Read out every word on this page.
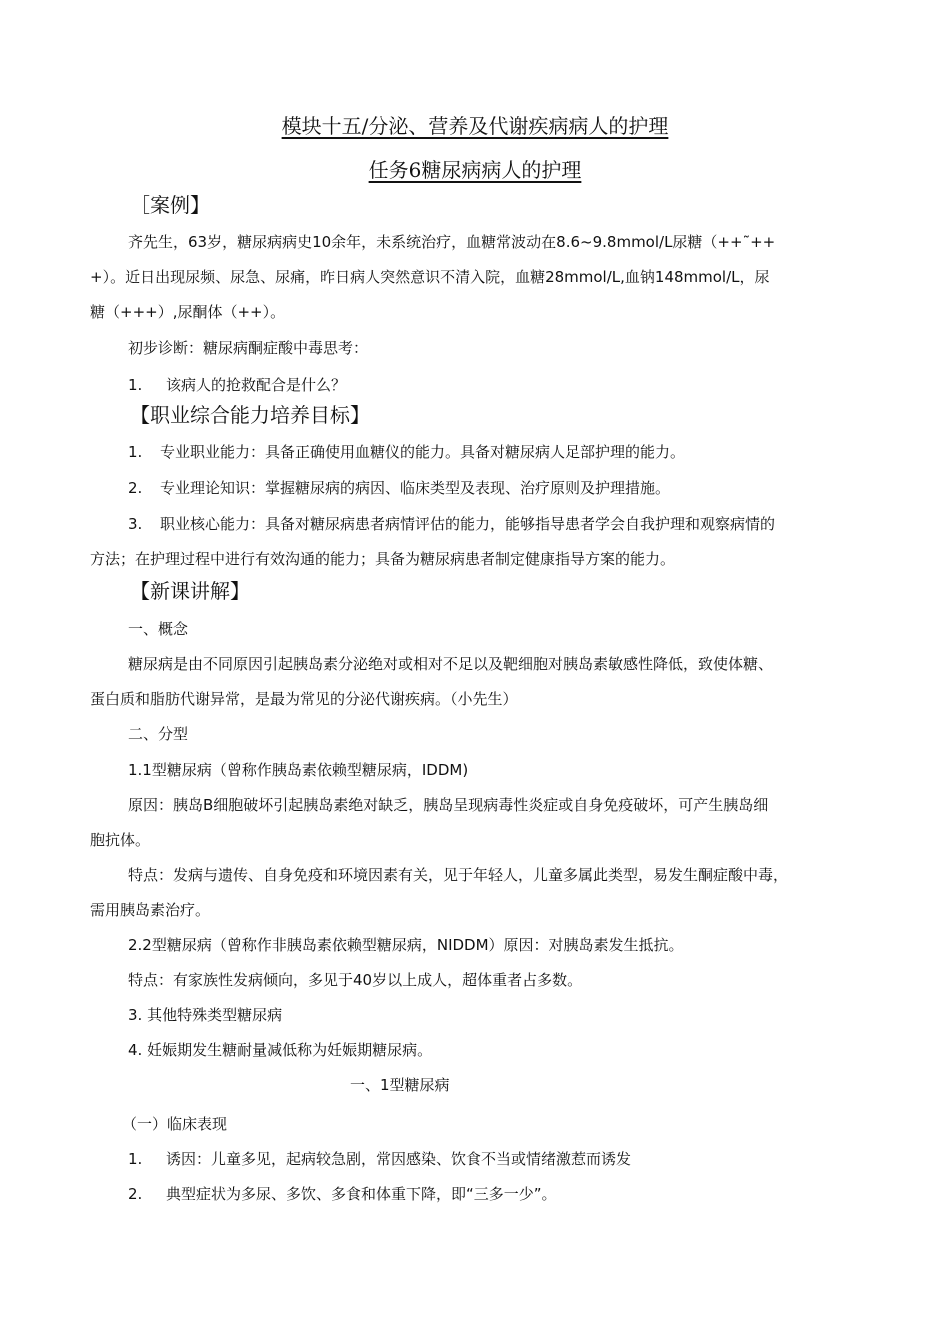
模块十五/分泌、营养及代谢疾病病人的护理
任务6糖尿病病人的护理
［案例】
齐先生，63岁，糖尿病病史10余年，未系统治疗，血糖常波动在8.6~9.8mmol/L尿糖（++˜++
+）。近日出现尿频、尿急、尿痛，昨日病人突然意识不清入院，血糖28mmol/L,血钠148mmol/L，尿
糖（+++）,尿酮体（++）。
初步诊断：糖尿病酮症酸中毒思考：
1. 该病人的抢救配合是什么？
【职业综合能力培养目标】
1. 专业职业能力：具备正确使用血糖仪的能力。具备对糖尿病人足部护理的能力。
2. 专业理论知识：掌握糖尿病的病因、临床类型及表现、治疗原则及护理措施。
3. 职业核心能力：具备对糖尿病患者病情评估的能力，能够指导患者学会自我护理和观察病情的
方法；在护理过程中进行有效沟通的能力；具备为糖尿病患者制定健康指导方案的能力。
【新课讲解】
一、概念
糖尿病是由不同原因引起胰岛素分泌绝对或相对不足以及靶细胞对胰岛素敏感性降低，致使体糖、
蛋白质和脂肪代谢异常，是最为常见的分泌代谢疾病。（小先生）
二、分型
1.1型糖尿病（曾称作胰岛素依赖型糖尿病，IDDM)
原因：胰岛B细胞破坏引起胰岛素绝对缺乏，胰岛呈现病毒性炎症或自身免疫破坏，可产生胰岛细
胞抗体。
特点：发病与遗传、自身免疫和环境因素有关，见于年轻人，儿童多属此类型，易发生酮症酸中毒，
需用胰岛素治疗。
2.2型糖尿病（曾称作非胰岛素依赖型糖尿病，NIDDM）原因：对胰岛素发生抵抗。
特点：有家族性发病倾向，多见于40岁以上成人，超体重者占多数。
3. 其他特殊类型糖尿病
4. 妊娠期发生糖耐量减低称为妊娠期糖尿病。
一、1型糖尿病
（一）临床表现
1. 诱因：儿童多见，起病较急剧，常因感染、饮食不当或情绪激惹而诱发
2. 典型症状为多尿、多饮、多食和体重下降，即“三多一少”。
